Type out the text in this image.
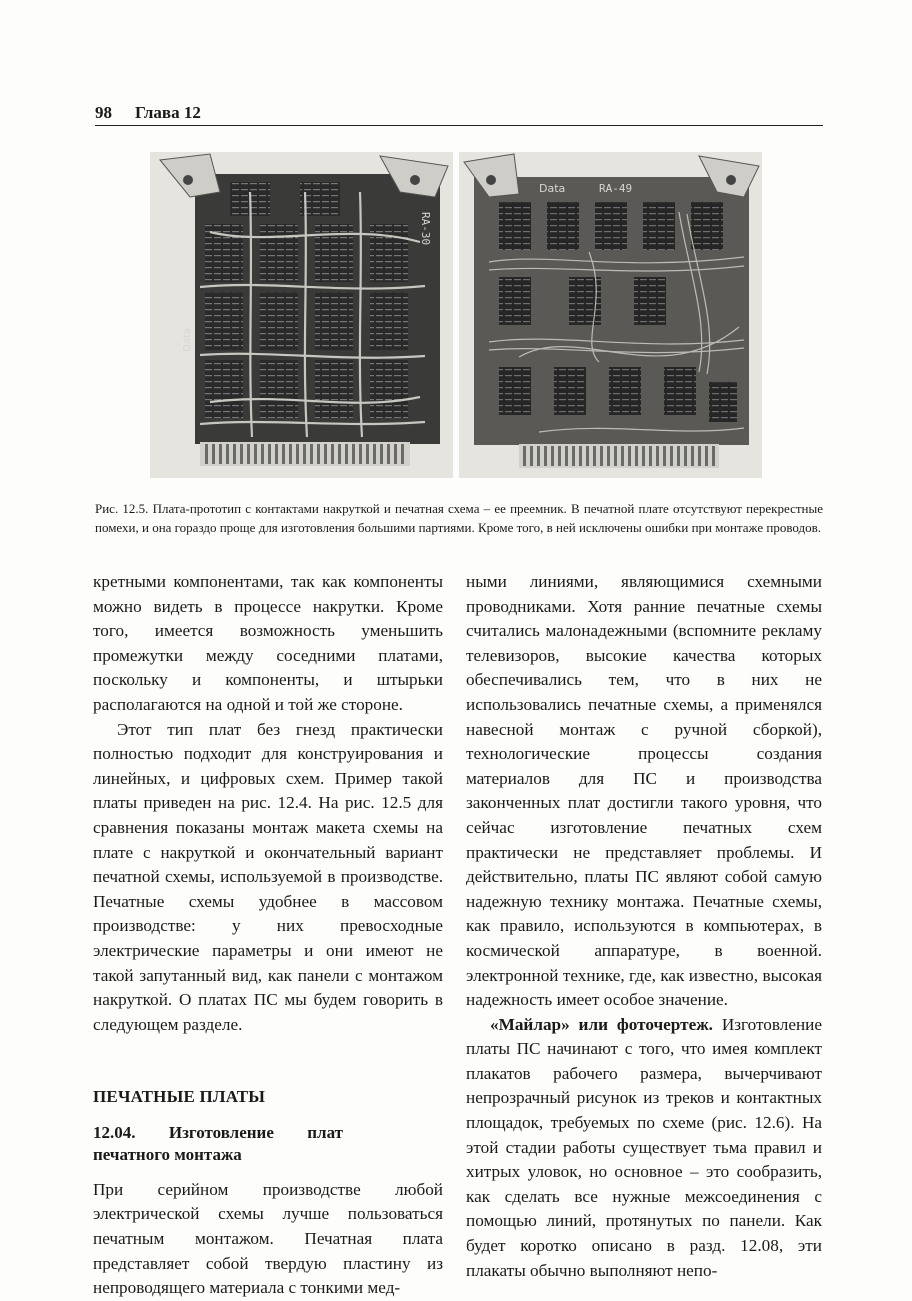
98 Глава 12
RA-30
Data
Data	RA-49
Рис. 12.5. Плата-прототип с контактами накруткой и печатная схема – ее преемник. В печатной плате отсутствуют перекрестные помехи, и она гораздо проще для изготовления большими партиями. Кроме того, в ней исключены ошибки при монтаже проводов.

кретными компонентами, так как компоненты можно видеть в процессе накрутки. Кроме того, имеется возможность уменьшить промежутки между соседними платами, поскольку и компоненты, и штырьки располагаются на одной и той же стороне.

Этот тип плат без гнезд практически полностью подходит для конструирования и линейных, и цифровых схем. Пример такой платы приведен на рис. 12.4. На рис. 12.5 для сравнения показаны монтаж макета схемы на плате с накруткой и окончательный вариант печатной схемы, используемой в производстве. Печатные схемы удобнее в массовом производстве: у них превосходные электрические параметры и они имеют не такой запутанный вид, как панели с монтажом накруткой. О платах ПС мы будем говорить в следующем разделе.

ПЕЧАТНЫЕ ПЛАТЫ

12.04. Изготовление плат печатного монтажа

При серийном производстве любой электрической схемы лучше пользоваться печатным монтажом. Печатная плата представляет собой твердую пластину из непроводящего материала с тонкими мед-

ными линиями, являющимися схемными проводниками. Хотя ранние печатные схемы считались малонадежными (вспомните рекламу телевизоров, высокие качества которых обеспечивались тем, что в них не использовались печатные схемы, а применялся навесной монтаж с ручной сборкой), технологические процессы создания материалов для ПС и производства законченных плат достигли такого уровня, что сейчас изготовление печатных схем практически не представляет проблемы. И действительно, платы ПС являют собой самую надежную технику монтажа. Печатные схемы, как правило, используются в компьютерах, в космической аппаратуре, в военной. электронной технике, где, как известно, высокая надежность имеет особое значение.

«Майлар» или фоточертеж. Изготовление платы ПС начинают с того, что имея комплект плакатов рабочего размера, вычерчивают непрозрачный рисунок из треков и контактных площадок, требуемых по схеме (рис. 12.6). На этой стадии работы существует тьма правил и хитрых уловок, но основное – это сообразить, как сделать все нужные межсоединения с помощью линий, протянутых по панели. Как будет коротко описано в разд. 12.08, эти плакаты обычно выполняют непо-
